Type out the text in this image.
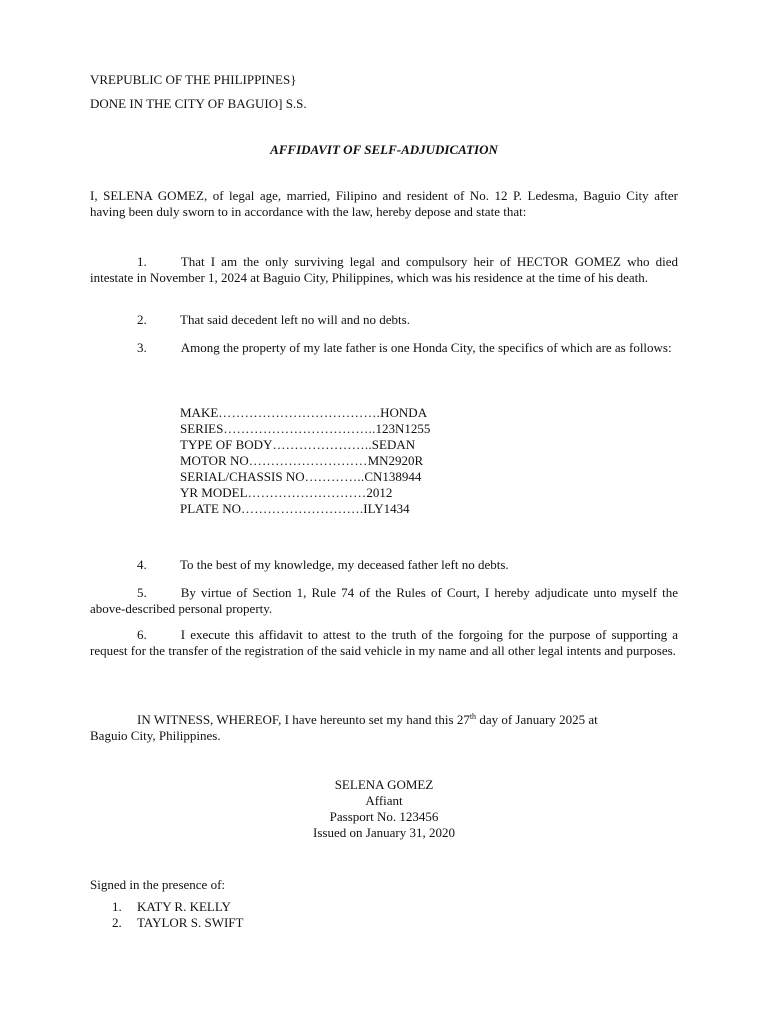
VREPUBLIC OF THE PHILIPPINES}
DONE IN THE CITY OF BAGUIO] S.S.
AFFIDAVIT OF SELF-ADJUDICATION
I, SELENA GOMEZ, of legal age, married, Filipino and resident of No. 12 P. Ledesma, Baguio City after having been duly sworn to in accordance with the law, hereby depose and state that:
1.	That I am the only surviving legal and compulsory heir of HECTOR GOMEZ who died intestate in November 1, 2024 at Baguio City, Philippines, which was his residence at the time of his death.
2.	That said decedent left no will and no debts.
3.	Among the property of my late father is one Honda City, the specifics of which are as follows:
MAKE……………………………….HONDA
SERIES……………………………..123N1255
TYPE OF BODY…………………..SEDAN
MOTOR NO………………………MN2920R
SERIAL/CHASSIS NO…………..CN138944
YR MODEL………………………2012
PLATE NO……………………….ILY1434
4.	To the best of my knowledge, my deceased father left no debts.
5.	By virtue of Section 1, Rule 74 of the Rules of Court, I hereby adjudicate unto myself the above-described personal property.
6.	I execute this affidavit to attest to the truth of the forgoing for the purpose of supporting a request for the transfer of the registration of the said vehicle in my name and all other legal intents and purposes.
IN WITNESS, WHEREOF, I have hereunto set my hand this 27th day of January 2025 at
Baguio City, Philippines.
SELENA GOMEZ
Affiant
Passport No. 123456
Issued on January 31, 2020
Signed in the presence of:
1. KATY R. KELLY
2. TAYLOR S. SWIFT
